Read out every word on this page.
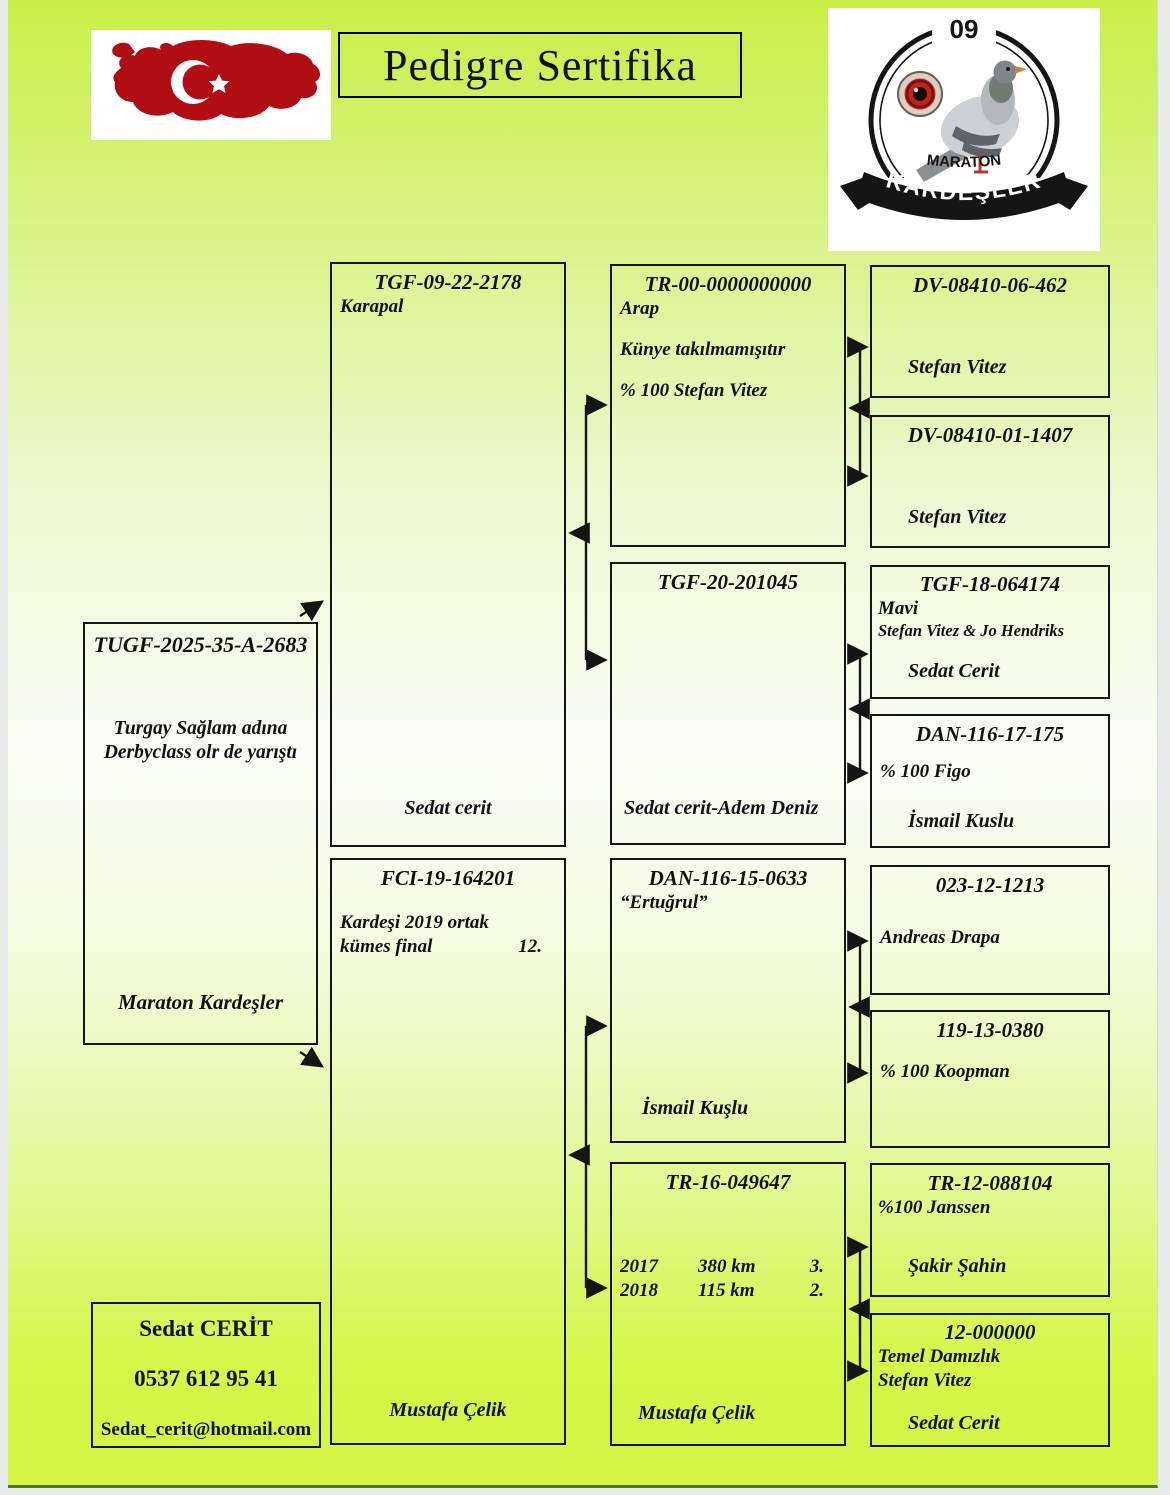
Pedigre Sertifika
09
MARATON
KARDEŞLER
TUGF-2025-35-A-2683
Turgay Sağlam adına
Derbyclass olr de yarıştı
Maraton Kardeşler
TGF-09-22-2178
Karapal
Sedat cerit
FCI-19-164201
Kardeşi 2019 ortak
kümes final	12.
Mustafa Çelik
TR-00-0000000000
Arap
Künye takılmamışıtır
% 100 Stefan Vitez
TGF-20-201045
Sedat cerit-Adem Deniz
DAN-116-15-0633
“Ertuğrul”
İsmail Kuşlu
TR-16-049647
2017	380 km	3.
2018	115 km	2.
Mustafa Çelik
DV-08410-06-462
Stefan Vitez
DV-08410-01-1407
Stefan Vitez
TGF-18-064174
Mavi
Stefan Vitez & Jo Hendriks
Sedat Cerit
DAN-116-17-175
% 100 Figo
İsmail Kuslu
023-12-1213
Andreas Drapa
119-13-0380
% 100 Koopman
TR-12-088104
%100 Janssen
Şakir Şahin
12-000000
Temel Damızlık
Stefan Vitez
Sedat Cerit
Sedat CERİT
0537 612 95 41
Sedat_cerit@hotmail.com
